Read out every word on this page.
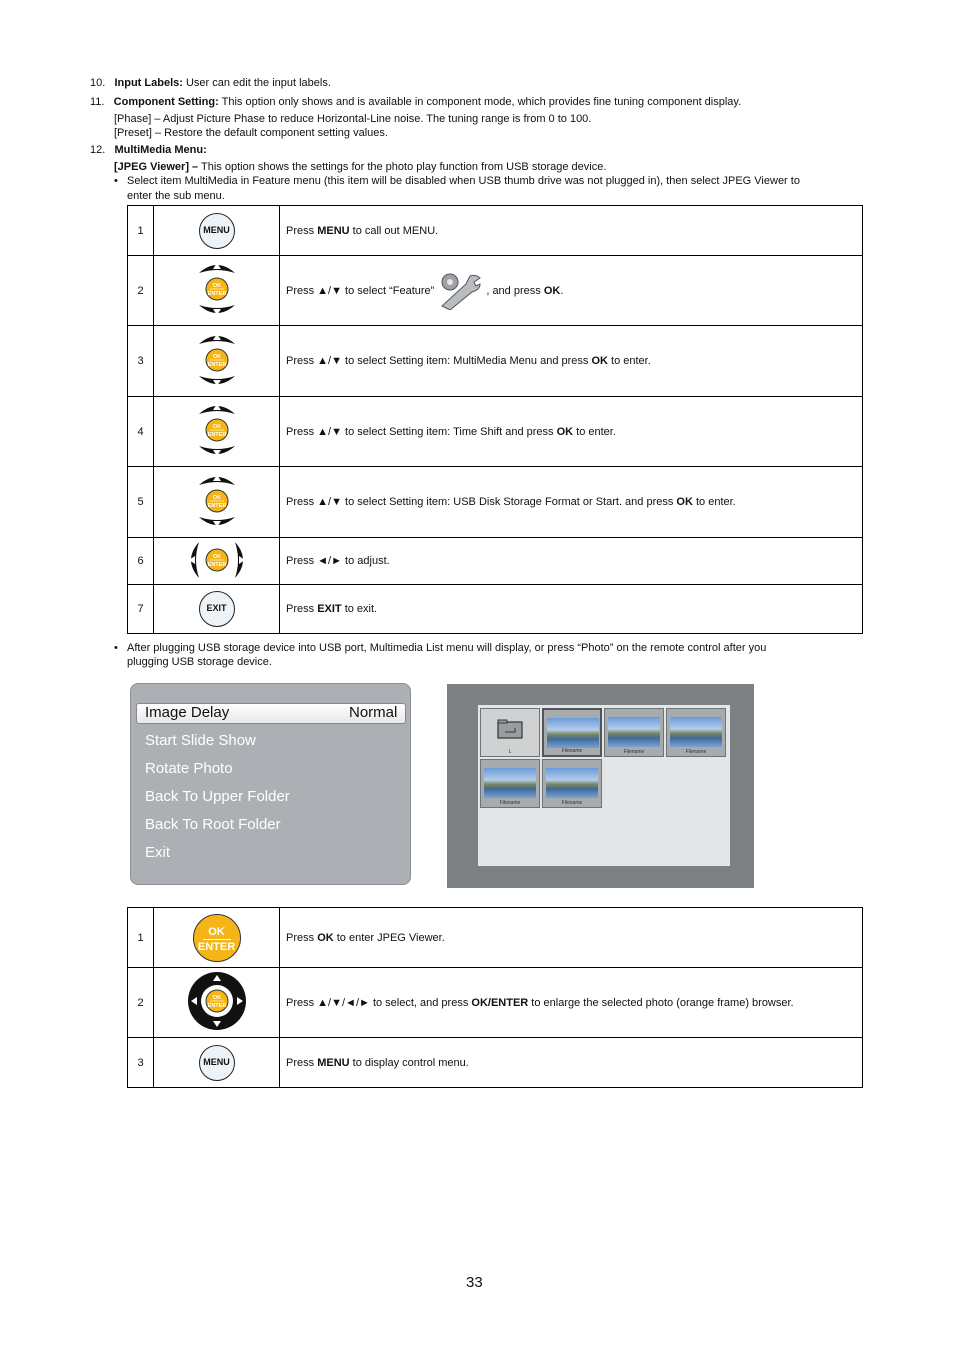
10. Input Labels: User can edit the input labels.
11. Component Setting: This option only shows and is available in component mode, which provides fine tuning component display.
[Phase] – Adjust Picture Phase to reduce Horizontal-Line noise. The tuning range is from 0 to 100.
[Preset] – Restore the default component setting values.
12. MultiMedia Menu:
[JPEG Viewer] – This option shows the settings for the photo play function from USB storage device.
• Select item MultiMedia in Feature menu (this item will be disabled when USB thumb drive was not plugged in), then select JPEG Viewer to
enter the sub menu.
1	MENU	Press MENU to call out MENU.
2	OK
ENTER	Press ▲/▼ to select “Feature” , and press OK.
3	OK
ENTER	Press ▲/▼ to select Setting item: MultiMedia Menu and press OK to enter.
4	OK
ENTER	Press ▲/▼ to select Setting item: Time Shift and press OK to enter.
5	OK
ENTER	Press ▲/▼ to select Setting item: USB Disk Storage Format or Start. and press OK to enter.
6	OK
ENTER	Press ◄/► to adjust.
7	EXIT	Press EXIT to exit.
• After plugging USB storage device into USB port, Multimedia List menu will display, or press “Photo” on the remote control after you
plugging USB storage device.
Image Delay	Normal
Start Slide Show
Rotate Photo
Back To Upper Folder
Back To Root Folder
Exit
L	Filename	Filename	Filename
Filename	Filename
1	OK
ENTER	Press OK to enter JPEG Viewer.
2	OK
ENTER	Press ▲/▼/◄/► to select, and press OK/ENTER to enlarge the selected photo (orange frame) browser.
3	MENU	Press MENU to display control menu.
33
